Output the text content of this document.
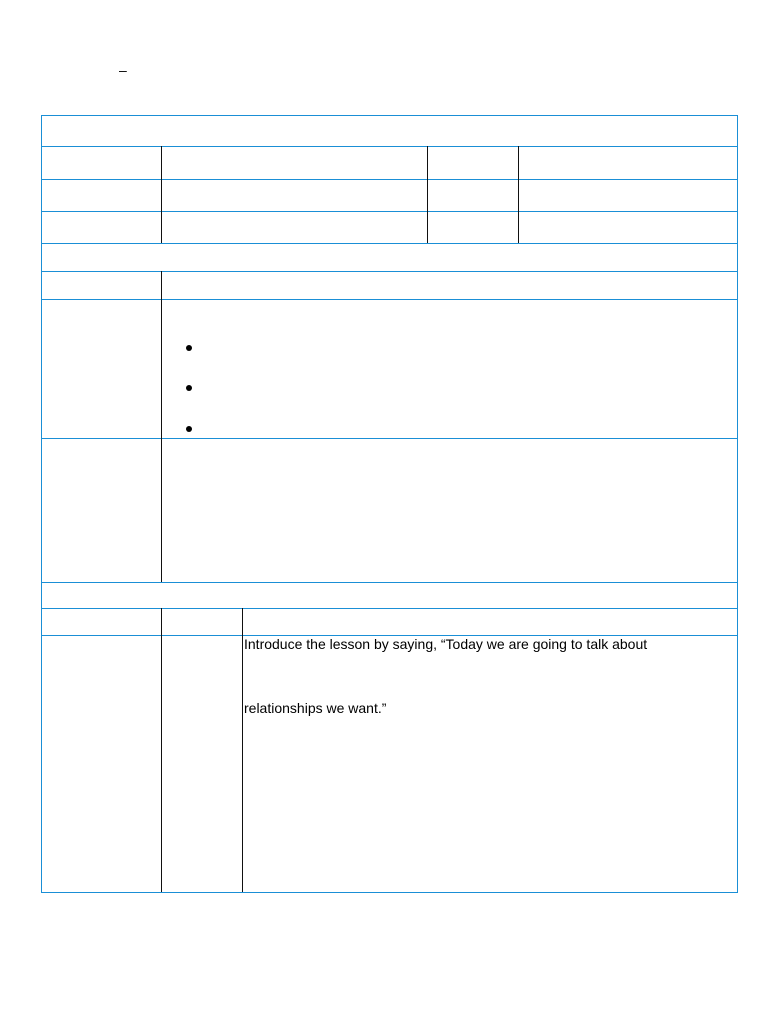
–

Introduce the lesson by saying, “Today we are going to talk about
relationships we want.”
